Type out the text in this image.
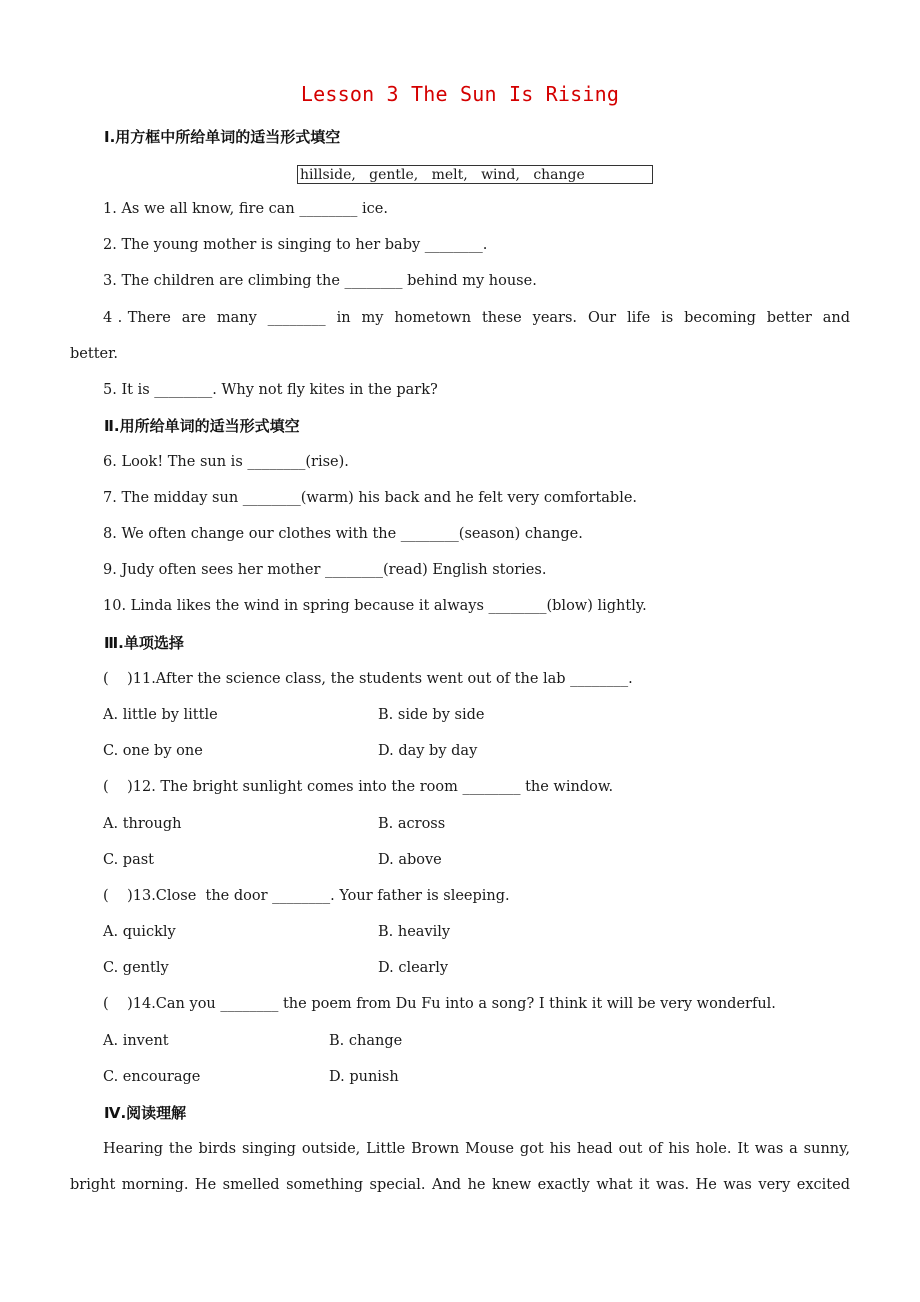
Lesson 3 The Sun Is Rising
Ⅰ.用方框中所给单词的适当形式填空
hillside,   gentle,   melt,   wind,   change
1. As we all know, fire can ________ ice.
2. The young mother is singing to her baby ________.
3. The children are climbing the ________ behind my house.
4 . There  are  many  ________  in  my  hometown  these  years.  Our  life  is  becoming  better  and
better.
5. It is ________. Why not fly kites in the park?
Ⅱ.用所给单词的适当形式填空
6. Look! The sun is ________(rise).
7. The midday sun ________(warm) his back and he felt very comfortable.
8. We often change our clothes with the ________(season) change.
9. Judy often sees her mother ________(read) English stories.
10. Linda likes the wind in spring because it always ________(blow) lightly.
Ⅲ.单项选择
(    )11.After the science class, the students went out of the lab ________.
A. little by little	B. side by side
C. one by one	D. day by day
(    )12. The bright sunlight comes into the room ________ the window.
A. through	B. across
C. past	D. above
(    )13.Close  the door ________. Your father is sleeping.
A. quickly	B. heavily
C. gently	D. clearly
(    )14.Can you ________ the poem from Du Fu into a song? I think it will be very wonderful.
A. invent	B. change
C. encourage	D. punish
Ⅳ.阅读理解
Hearing the birds singing outside, Little Brown Mouse got his head out of his hole. It was a sunny,
bright morning. He smelled something special. And he knew exactly what it was. He was very excited
